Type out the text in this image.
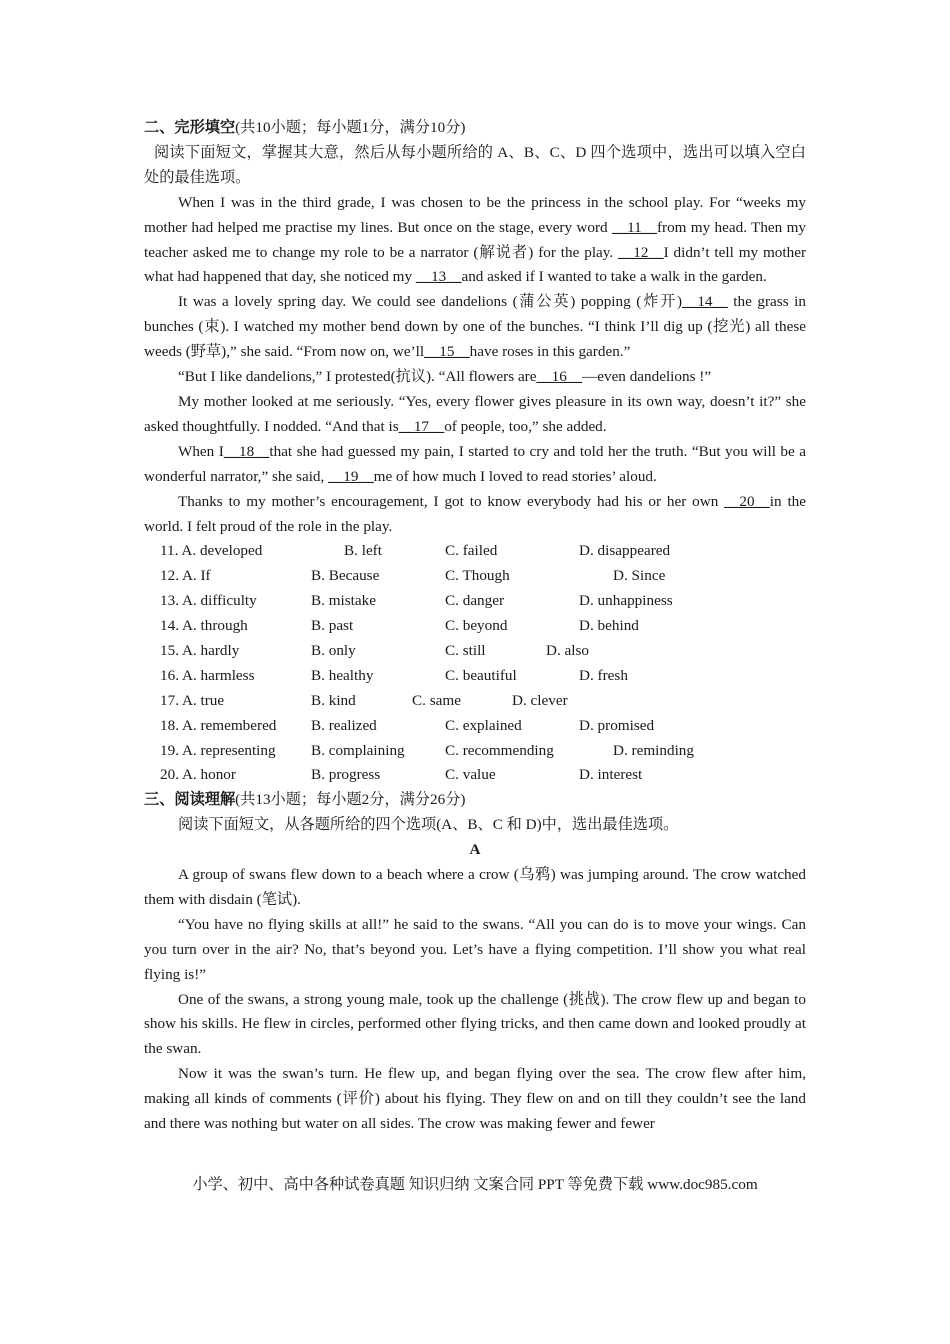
二、完形填空(共10小题；每小题1分，满分10分)

阅读下面短文，掌握其大意，然后从每小题所给的 A、B、C、D 四个选项中，选出可以填入空白处的最佳选项。

When I was in the third grade, I was chosen to be the princess in the school play. For “weeks my mother had helped me practise my lines. But once on the stage, every word __11__from my head. Then my teacher asked me to change my role to be a narrator (解说者) for the play. __12__I didn’t tell my mother what had happened that day, she noticed my __13__and asked if I wanted to take a walk in the garden.

It was a lovely spring day. We could see dandelions (蒲公英) popping (炸开)__14__ the grass in bunches (束). I watched my mother bend down by one of the bunches. “I think I’ll dig up (挖光) all these weeds (野草),” she said. “From now on, we’ll__15__have roses in this garden.”

“But I like dandelions,” I protested(抗议). “All flowers are__16__—even dandelions !”

My mother looked at me seriously. “Yes, every flower gives pleasure in its own way, doesn’t it?” she asked thoughtfully. I nodded. “And that is__17__of people, too,” she added.

When I__18__that she had guessed my pain, I started to cry and told her the truth. “But you will be a wonderful narrator,” she said, __19__me of how much I loved to read stories’ aloud.

Thanks to my mother’s encouragement, I got to know everybody had his or her own __20__in the world. I felt proud of the role in the play.

11. A. developed	B. left	C. failed	D. disappeared
12. A. If	B. Because	C. Though	D. Since
13. A. difficulty	B. mistake	C. danger	D. unhappiness
14. A. through	B. past	C. beyond	D. behind
15. A. hardly	B. only	C. still	D. also
16. A. harmless	B. healthy	C. beautiful	D. fresh
17. A. true	B. kind	C. same	D. clever
18. A. remembered B. realized	C. explained	D. promised
19. A. representing B. complaining	C. recommending	D. reminding
20. A. honor	B. progress	C. value	D. interest

三、阅读理解(共13小题；每小题2分，满分26分)

阅读下面短文，从各题所给的四个选项(A、B、C 和 D)中，选出最佳选项。

A

A group of swans flew down to a beach where a crow (乌鸦) was jumping around. The crow watched them with disdain (笔试).

“You have no flying skills at all!” he said to the swans. “All you can do is to move your wings. Can you turn over in the air? No, that’s beyond you. Let’s have a flying competition. I’ll show you what real flying is!”

One of the swans, a strong young male, took up the challenge (挑战). The crow flew up and began to show his skills. He flew in circles, performed other flying tricks, and then came down and looked proudly at the swan.

Now it was the swan’s turn. He flew up, and began flying over the sea. The crow flew after him, making all kinds of comments (评价) about his flying. They flew on and on till they couldn’t see the land and there was nothing but water on all sides. The crow was making fewer and fewer

小学、初中、高中各种试卷真题 知识归纳 文案合同 PPT 等免费下载 www.doc985.com
